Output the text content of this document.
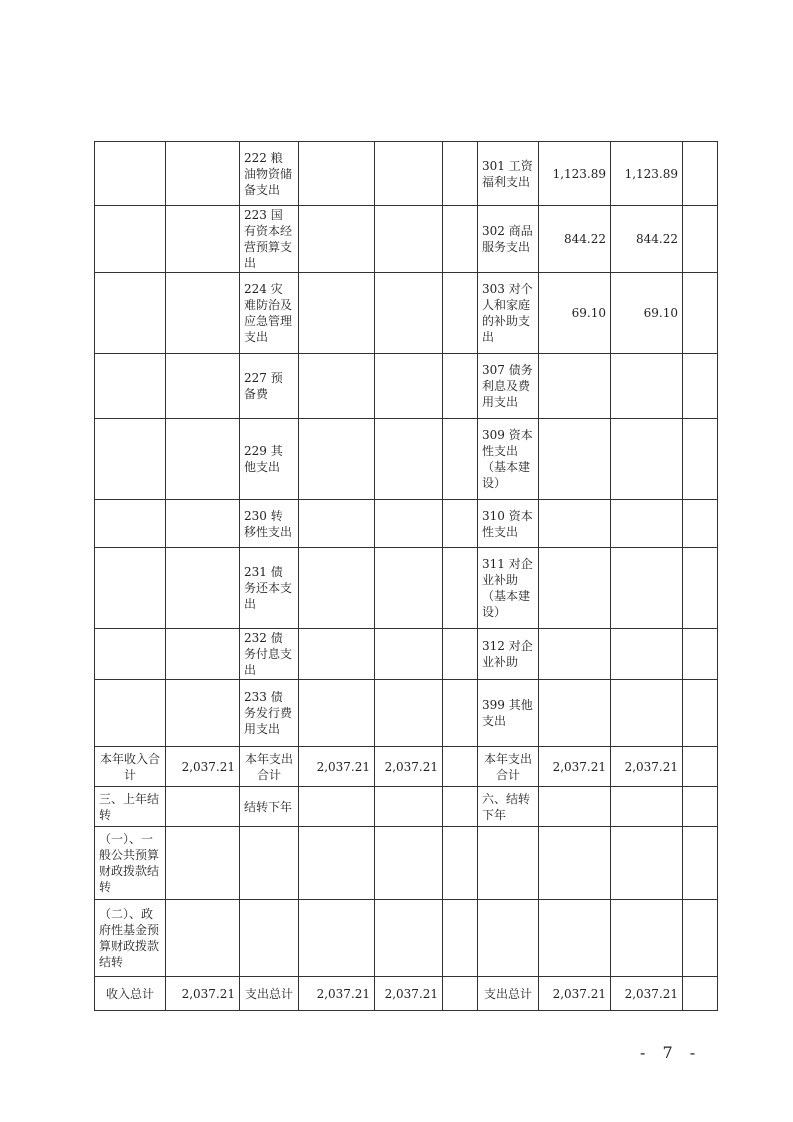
		222 粮油物资储备支出				301 工资福利支出	1,123.89	1,123.89	
		223 国有资本经营预算支出				302 商品服务支出	844.22	844.22	
		224 灾难防治及应急管理支出				303 对个人和家庭的补助支出	69.10	69.10	
		227 预备费				307 债务利息及费用支出			
		229 其他支出				309 资本性支出（基本建设）			
		230 转移性支出				310 资本性支出			
		231 债务还本支出				311 对企业补助（基本建设）			
		232 债务付息支出				312 对企业补助			
		233 债务发行费用支出				399 其他支出			
本年收入合计	2,037.21	本年支出合计	2,037.21	2,037.21		本年支出合计	2,037.21	2,037.21	
三、上年结转		结转下年				六、结转下年			
（一）、一般公共预算财政拨款结转									
（二）、政府性基金预算财政拨款结转									
收入总计	2,037.21	支出总计	2,037.21	2,037.21		支出总计	2,037.21	2,037.21	
- 7 -
